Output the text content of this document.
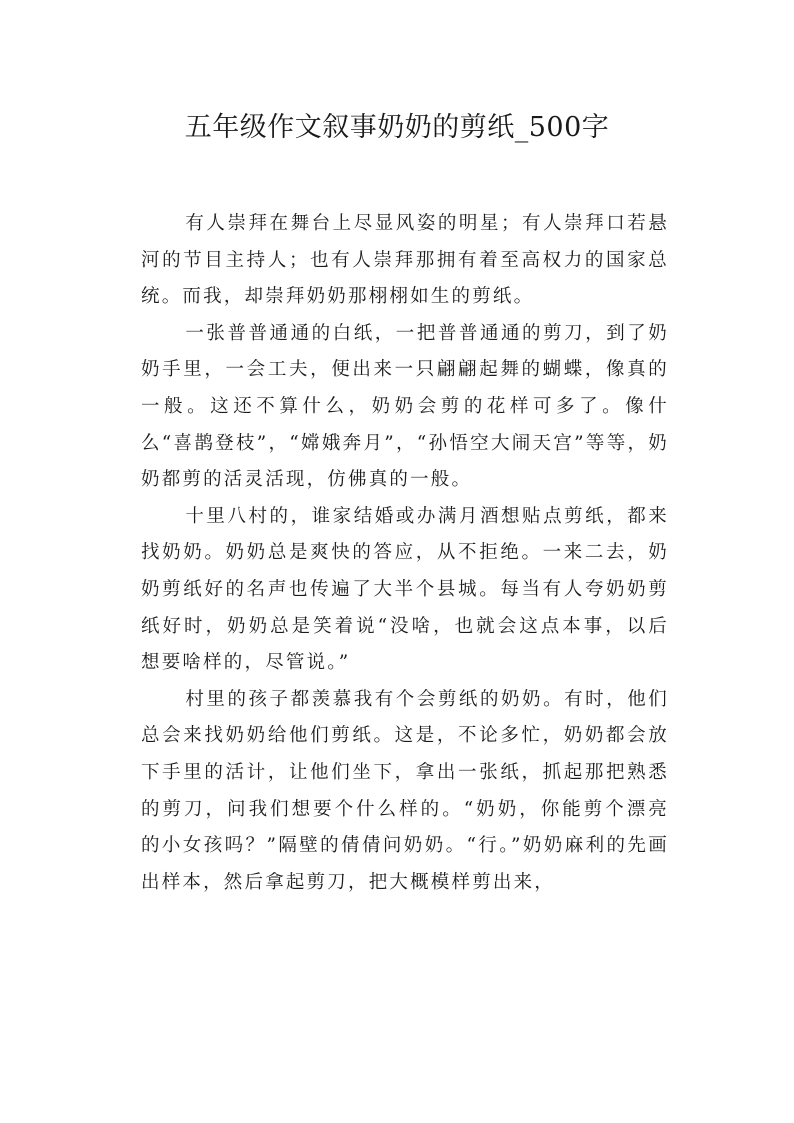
五年级作文叙事奶奶的剪纸_500字

有人崇拜在舞台上尽显风姿的明星；有人崇拜口若悬河的节目主持人；也有人崇拜那拥有着至高权力的国家总统。而我，却崇拜奶奶那栩栩如生的剪纸。

一张普普通通的白纸，一把普普通通的剪刀，到了奶奶手里，一会工夫，便出来一只翩翩起舞的蝴蝶，像真的一般。这还不算什么，奶奶会剪的花样可多了。像什么“喜鹊登枝”，“嫦娥奔月”，“孙悟空大闹天宫”等等，奶奶都剪的活灵活现，仿佛真的一般。

十里八村的，谁家结婚或办满月酒想贴点剪纸，都来找奶奶。奶奶总是爽快的答应，从不拒绝。一来二去，奶奶剪纸好的名声也传遍了大半个县城。每当有人夸奶奶剪纸好时，奶奶总是笑着说“没啥，也就会这点本事，以后想要啥样的，尽管说。”

村里的孩子都羡慕我有个会剪纸的奶奶。有时，他们总会来找奶奶给他们剪纸。这是，不论多忙，奶奶都会放下手里的活计，让他们坐下，拿出一张纸，抓起那把熟悉的剪刀，问我们想要个什么样的。“奶奶，你能剪个漂亮的小女孩吗？”隔壁的倩倩问奶奶。“行。”奶奶麻利的先画出样本，然后拿起剪刀，把大概模样剪出来，
